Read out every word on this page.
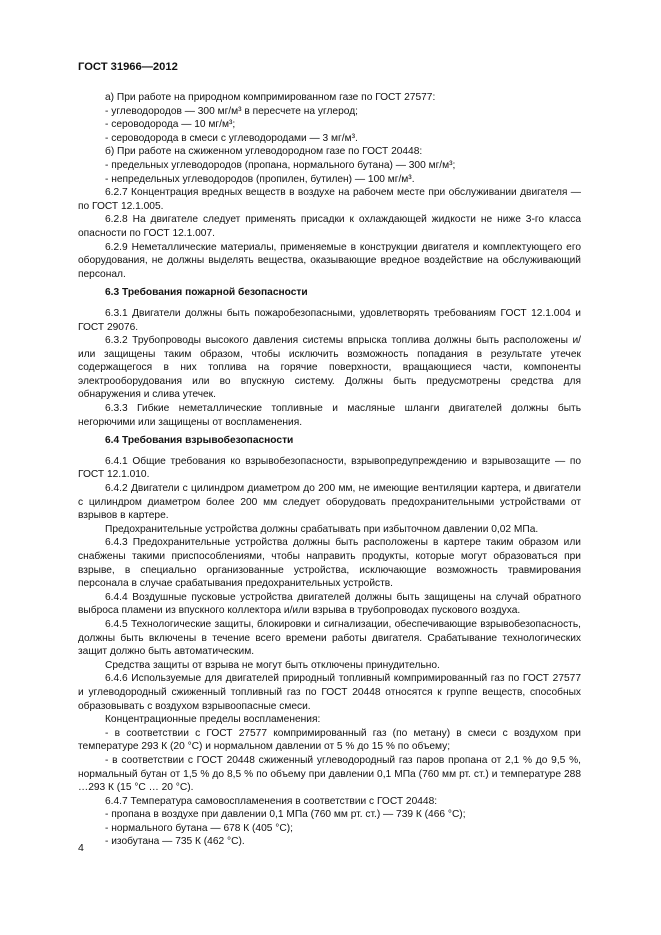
ГОСТ 31966—2012
а) При работе на природном компримированном газе по ГОСТ 27577:
- углеводородов — 300 мг/м³ в пересчете на углерод;
- сероводорода — 10 мг/м³;
- сероводорода в смеси с углеводородами — 3 мг/м³.
б) При работе на сжиженном углеводородном газе по ГОСТ 20448:
- предельных углеводородов (пропана, нормального бутана) — 300 мг/м³;
- непредельных углеводородов (пропилен, бутилен) — 100 мг/м³.
6.2.7 Концентрация вредных веществ в воздухе на рабочем месте при обслуживании двигателя — по ГОСТ 12.1.005.
6.2.8 На двигателе следует применять присадки к охлаждающей жидкости не ниже 3-го класса опасности по ГОСТ 12.1.007.
6.2.9 Неметаллические материалы, применяемые в конструкции двигателя и комплектующего его оборудования, не должны выделять вещества, оказывающие вредное воздействие на обслуживающий персонал.
6.3 Требования пожарной безопасности
6.3.1 Двигатели должны быть пожаробезопасными, удовлетворять требованиям ГОСТ 12.1.004 и ГОСТ 29076.
6.3.2 Трубопроводы высокого давления системы впрыска топлива должны быть расположены и/или защищены таким образом, чтобы исключить возможность попадания в результате утечек содержащегося в них топлива на горячие поверхности, вращающиеся части, компоненты электрооборудования или во впускную систему. Должны быть предусмотрены средства для обнаружения и слива утечек.
6.3.3 Гибкие неметаллические топливные и масляные шланги двигателей должны быть негорючими или защищены от воспламенения.
6.4 Требования взрывобезопасности
6.4.1 Общие требования ко взрывобезопасности, взрывопредупреждению и взрывозащите — по ГОСТ 12.1.010.
6.4.2 Двигатели с цилиндром диаметром до 200 мм, не имеющие вентиляции картера, и двигатели с цилиндром диаметром более 200 мм следует оборудовать предохранительными устройствами от взрывов в картере.
Предохранительные устройства должны срабатывать при избыточном давлении 0,02 МПа.
6.4.3 Предохранительные устройства должны быть расположены в картере таким образом или снабжены такими приспособлениями, чтобы направить продукты, которые могут образоваться при взрыве, в специально организованные устройства, исключающие возможность травмирования персонала в случае срабатывания предохранительных устройств.
6.4.4 Воздушные пусковые устройства двигателей должны быть защищены на случай обратного выброса пламени из впускного коллектора и/или взрыва в трубопроводах пускового воздуха.
6.4.5 Технологические защиты, блокировки и сигнализации, обеспечивающие взрывобезопасность, должны быть включены в течение всего времени работы двигателя. Срабатывание технологических защит должно быть автоматическим.
Средства защиты от взрыва не могут быть отключены принудительно.
6.4.6 Используемые для двигателей природный топливный компримированный газ по ГОСТ 27577 и углеводородный сжиженный топливный газ по ГОСТ 20448 относятся к группе веществ, способных образовывать с воздухом взрывоопасные смеси.
Концентрационные пределы воспламенения:
- в соответствии с ГОСТ 27577 компримированный газ (по метану) в смеси с воздухом при температуре 293 К (20 °С) и нормальном давлении от 5 % до 15 % по объему;
- в соответствии с ГОСТ 20448 сжиженный углеводородный газ паров пропана от 2,1 % до 9,5 %, нормальный бутан от 1,5 % до 8,5 % по объему при давлении 0,1 МПа (760 мм рт. ст.) и температуре 288 …293 К (15 °С … 20 °С).
6.4.7 Температура самовоспламенения в соответствии с ГОСТ 20448:
- пропана в воздухе при давлении 0,1 МПа (760 мм рт. ст.) — 739 К (466 °С);
- нормального бутана — 678 К (405 °С);
- изобутана — 735 К (462 °С).
4
